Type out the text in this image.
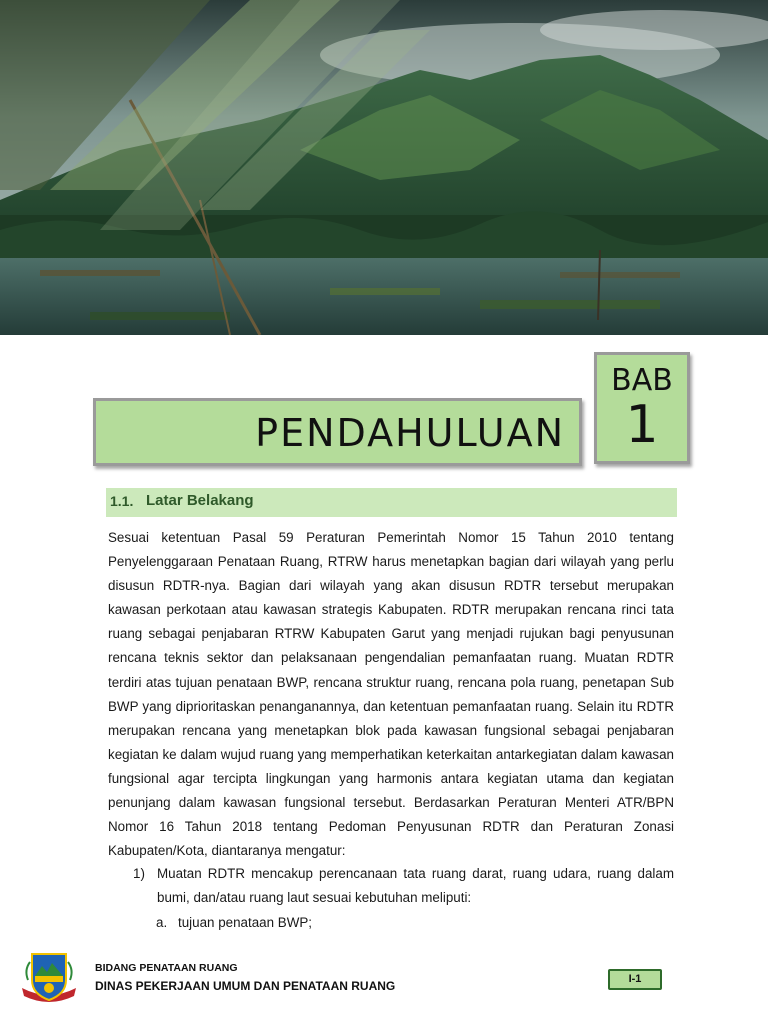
BAB
1
PENDAHULUAN
1.1. Latar Belakang

Sesuai ketentuan Pasal 59 Peraturan Pemerintah Nomor 15 Tahun 2010 tentang Penyelenggaraan Penataan Ruang, RTRW harus menetapkan bagian dari wilayah yang perlu disusun RDTR-nya. Bagian dari wilayah yang akan disusun RDTR tersebut merupakan kawasan perkotaan atau kawasan strategis Kabupaten. RDTR merupakan rencana rinci tata ruang sebagai penjabaran RTRW Kabupaten Garut yang menjadi rujukan bagi penyusunan rencana teknis sektor dan pelaksanaan pengendalian pemanfaatan ruang. Muatan RDTR terdiri atas tujuan penataan BWP, rencana struktur ruang, rencana pola ruang, penetapan Sub BWP yang diprioritaskan penanganannya, dan ketentuan pemanfaatan ruang. Selain itu RDTR merupakan rencana yang menetapkan blok pada kawasan fungsional sebagai penjabaran kegiatan ke dalam wujud ruang yang memperhatikan keterkaitan antarkegiatan dalam kawasan fungsional agar tercipta lingkungan yang harmonis antara kegiatan utama dan kegiatan penunjang dalam kawasan fungsional tersebut. Berdasarkan Peraturan Menteri ATR/BPN Nomor 16 Tahun 2018 tentang Pedoman Penyusunan RDTR dan Peraturan Zonasi Kabupaten/Kota, diantaranya mengatur:

1) Muatan RDTR mencakup perencanaan tata ruang darat, ruang udara, ruang dalam bumi, dan/atau ruang laut sesuai kebutuhan meliputi:
a. tujuan penataan BWP;
BIDANG PENATAAN RUANG
DINAS PEKERJAAN UMUM DAN PENATAAN RUANG	I-1
